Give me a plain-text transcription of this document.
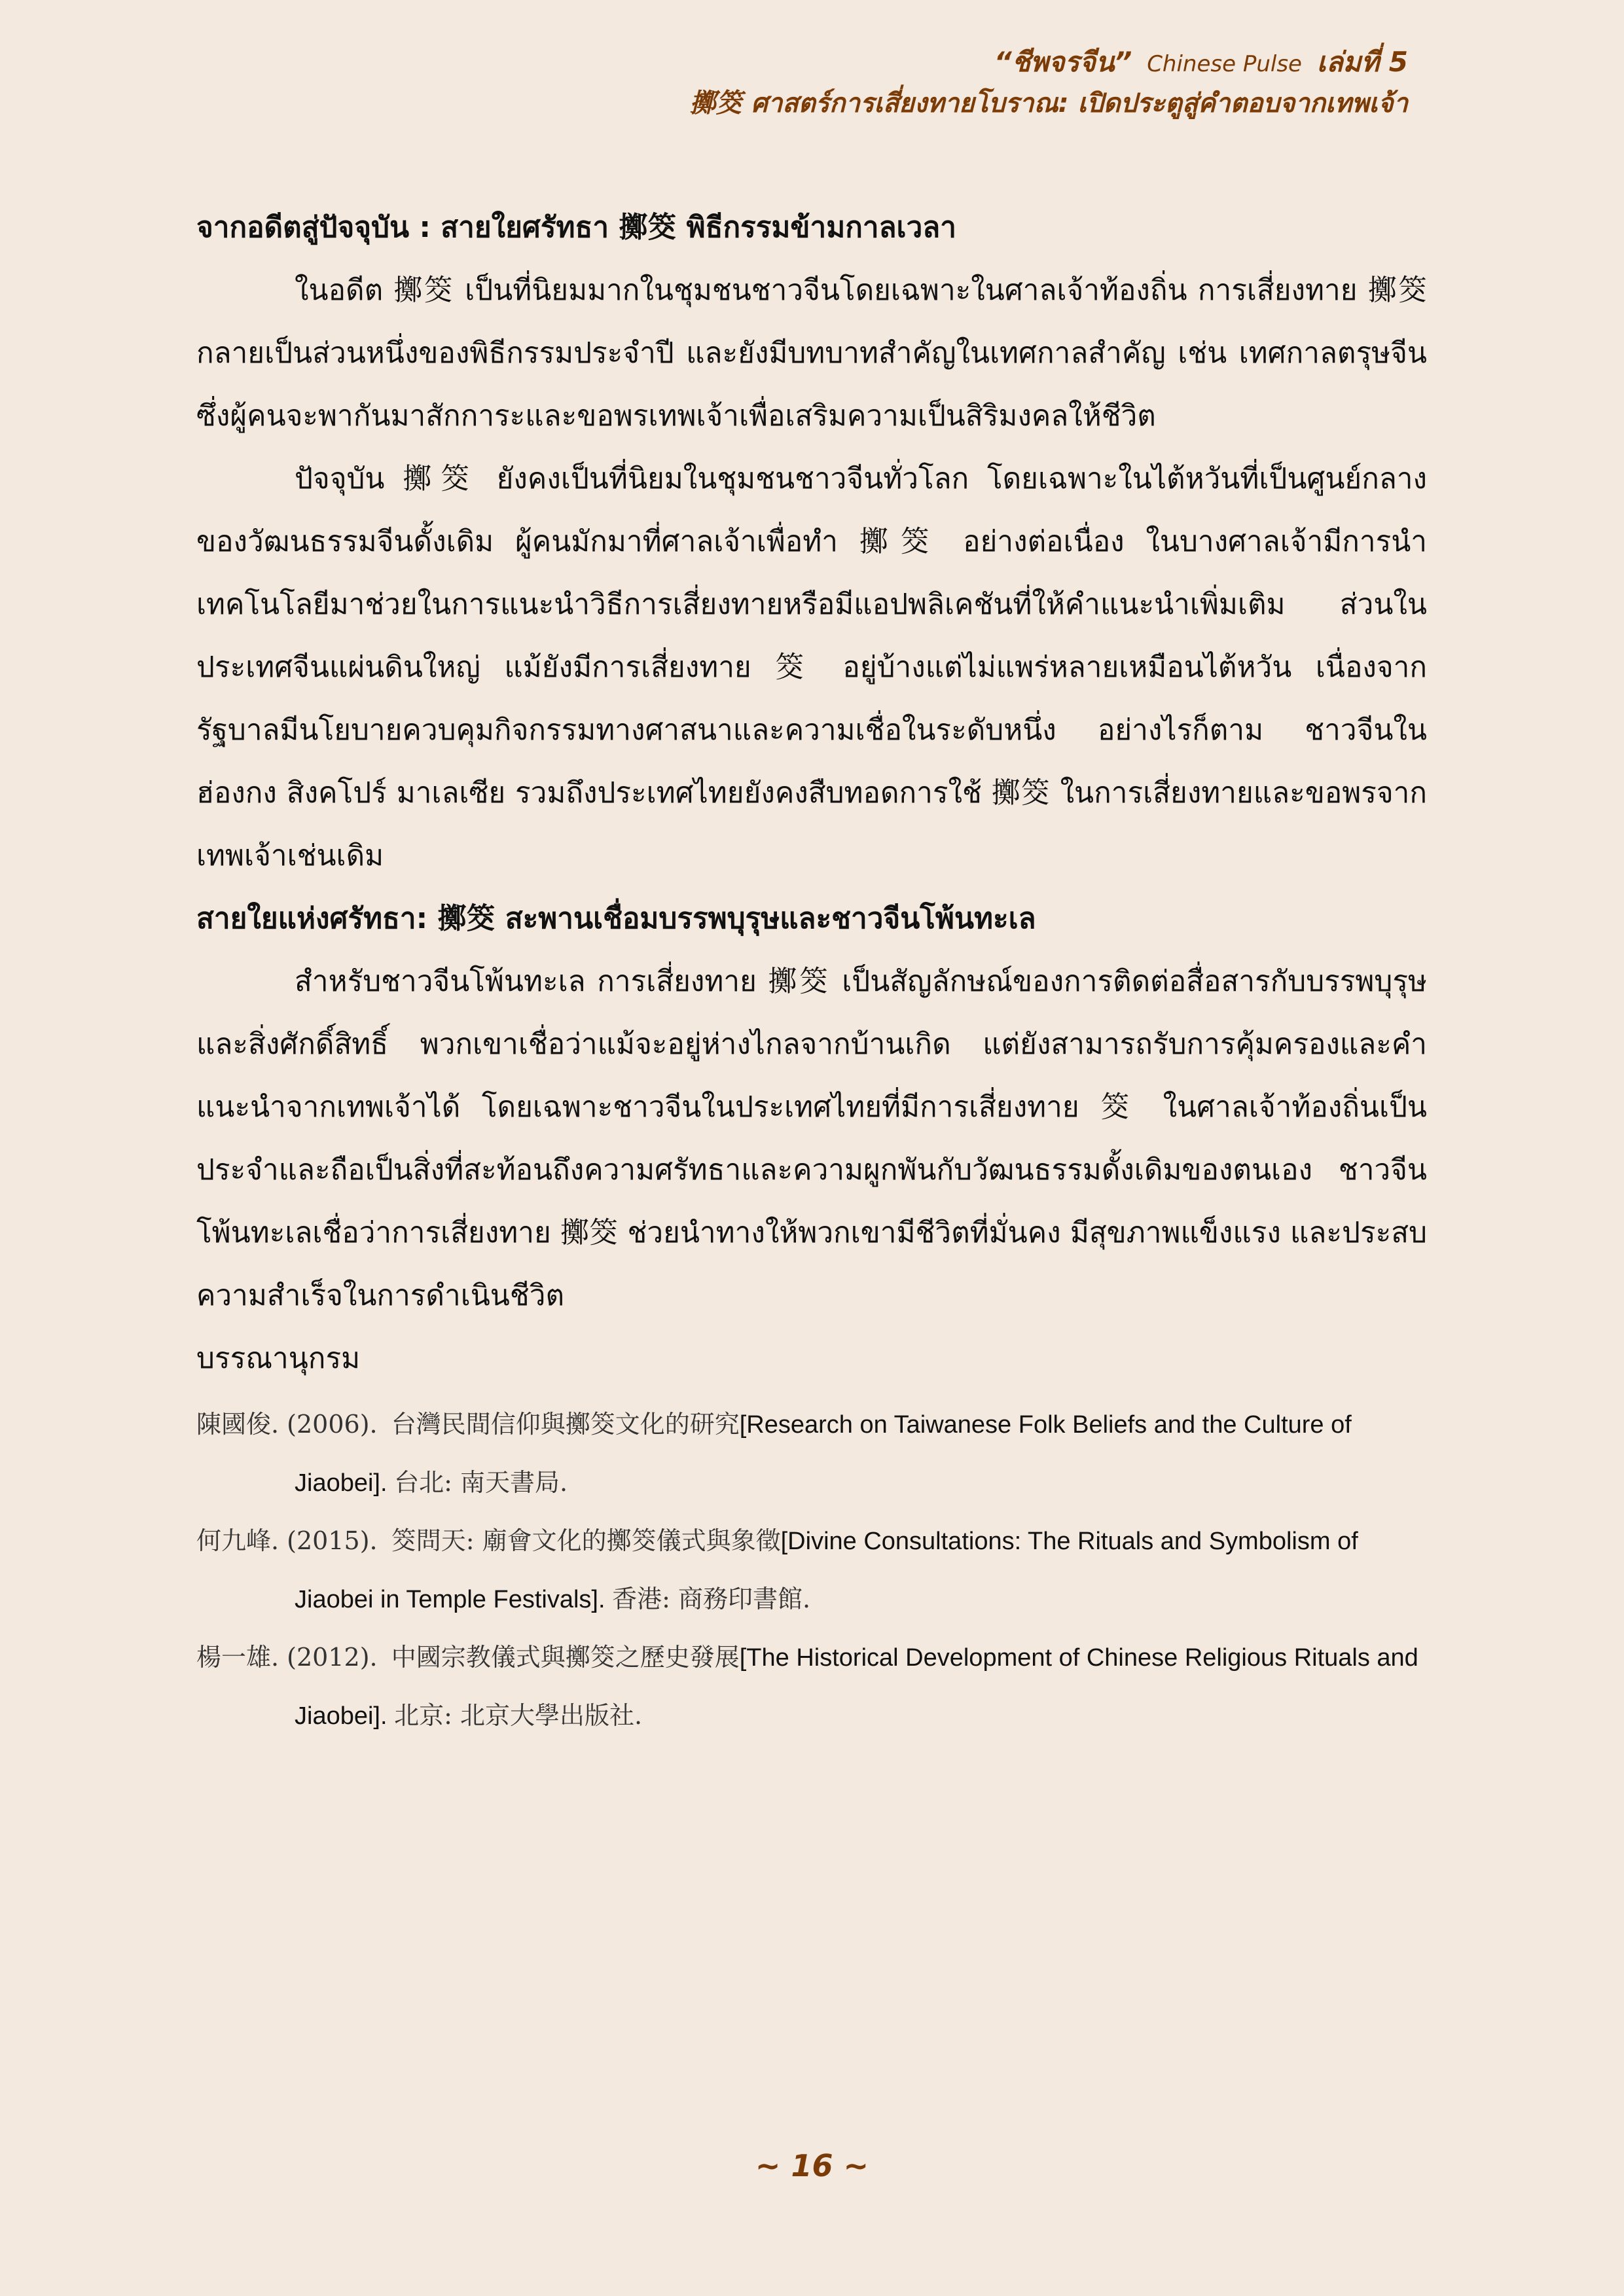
“ชีพจรจีน” Chinese Pulse เล่มที่ 5
擲筊 ศาสตร์การเสี่ยงทายโบราณ: เปิดประตูสู่คำตอบจากเทพเจ้า
จากอดีตสู่ปัจจุบัน : สายใยศรัทธา 擲筊 พิธีกรรมข้ามกาลเวลา

ในอดีต 擲筊 เป็นที่นิยมมากในชุมชนชาวจีนโดยเฉพาะในศาลเจ้าท้องถิ่น การเสี่ยงทาย 擲筊 กลายเป็นส่วนหนึ่งของพิธีกรรมประจำปี และยังมีบทบาทสำคัญในเทศกาลสำคัญ เช่น เทศกาลตรุษจีน ซึ่งผู้คนจะพากันมาสักการะและขอพรเทพเจ้าเพื่อเสริมความเป็นสิริมงคลให้ชีวิต

ปัจจุบัน 擲筊 ยังคงเป็นที่นิยมในชุมชนชาวจีนทั่วโลก โดยเฉพาะในไต้หวันที่เป็นศูนย์กลางของวัฒนธรรมจีนดั้งเดิม ผู้คนมักมาที่ศาลเจ้าเพื่อทำ 擲筊 อย่างต่อเนื่อง ในบางศาลเจ้ามีการนำเทคโนโลยีมาช่วยในการแนะนำวิธีการเสี่ยงทายหรือมีแอปพลิเคชันที่ให้คำแนะนำเพิ่มเติม ส่วนในประเทศจีนแผ่นดินใหญ่ แม้ยังมีการเสี่ยงทาย 筊 อยู่บ้างแต่ไม่แพร่หลายเหมือนไต้หวัน เนื่องจากรัฐบาลมีนโยบายควบคุมกิจกรรมทางศาสนาและความเชื่อในระดับหนึ่ง อย่างไรก็ตาม ชาวจีนในฮ่องกง สิงคโปร์ มาเลเซีย รวมถึงประเทศไทยยังคงสืบทอดการใช้ 擲筊 ในการเสี่ยงทายและขอพรจากเทพเจ้าเช่นเดิม

สายใยแห่งศรัทธา: 擲筊 สะพานเชื่อมบรรพบุรุษและชาวจีนโพ้นทะเล

สำหรับชาวจีนโพ้นทะเล การเสี่ยงทาย 擲筊 เป็นสัญลักษณ์ของการติดต่อสื่อสารกับบรรพบุรุษและสิ่งศักดิ์สิทธิ์ พวกเขาเชื่อว่าแม้จะอยู่ห่างไกลจากบ้านเกิด แต่ยังสามารถรับการคุ้มครองและคำแนะนำจากเทพเจ้าได้ โดยเฉพาะชาวจีนในประเทศไทยที่มีการเสี่ยงทาย 筊 ในศาลเจ้าท้องถิ่นเป็นประจำและถือเป็นสิ่งที่สะท้อนถึงความศรัทธาและความผูกพันกับวัฒนธรรมดั้งเดิมของตนเอง ชาวจีนโพ้นทะเลเชื่อว่าการเสี่ยงทาย 擲筊 ช่วยนำทางให้พวกเขามีชีวิตที่มั่นคง มีสุขภาพแข็งแรง และประสบความสำเร็จในการดำเนินชีวิต

บรรณานุกรม

陳國俊. (2006). 台灣民間信仰與擲筊文化的研究[Research on Taiwanese Folk Beliefs and the Culture of Jiaobei]. 台北: 南天書局.

何九峰. (2015). 筊問天: 廟會文化的擲筊儀式與象徵[Divine Consultations: The Rituals and Symbolism of Jiaobei in Temple Festivals]. 香港: 商務印書館.

楊一雄. (2012). 中國宗教儀式與擲筊之歷史發展[The Historical Development of Chinese Religious Rituals and Jiaobei]. 北京: 北京大學出版社.

~ 16 ~
